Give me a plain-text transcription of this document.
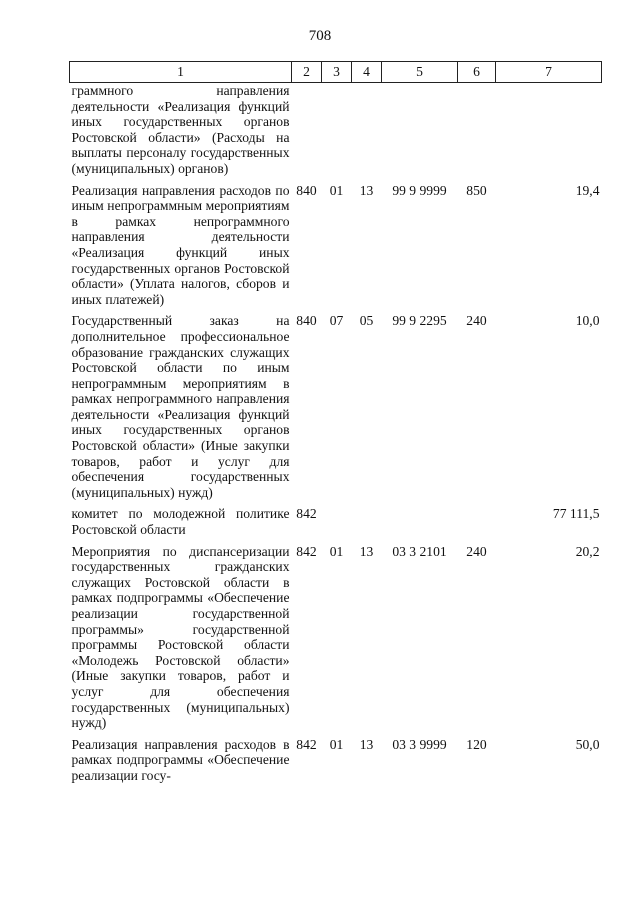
708
1	2	3	4	5	6	7
граммного направления деятельности «Реализация функций иных государственных органов Ростовской области» (Расходы на выплаты персоналу государственных (муниципальных) органов)						
Реализация направления расходов по иным непрограммным мероприятиям в рамках непрограммного направления деятельности «Реализация функций иных государственных органов Ростовской области» (Уплата налогов, сборов и иных платежей)	840	01	13	99 9 9999	850	19,4
Государственный заказ на дополнительное профессиональное образование гражданских служащих Ростовской области по иным непрограммным мероприятиям в рамках непрограммного направления деятельности «Реализация функций иных государственных органов Ростовской области» (Иные закупки товаров, работ и услуг для обеспечения государственных (муниципальных) нужд)	840	07	05	99 9 2295	240	10,0
комитет по молодежной политике Ростовской области	842					77 111,5
Мероприятия по диспансеризации государственных гражданских служащих Ростовской области в рамках подпрограммы «Обеспечение реализации государственной программы» государственной программы Ростовской области «Молодежь Ростовской области» (Иные закупки товаров, работ и услуг для обеспечения государственных (муниципальных) нужд)	842	01	13	03 3 2101	240	20,2
Реализация направления расходов в рамках подпрограммы «Обеспечение реализации госу-	842	01	13	03 3 9999	120	50,0
